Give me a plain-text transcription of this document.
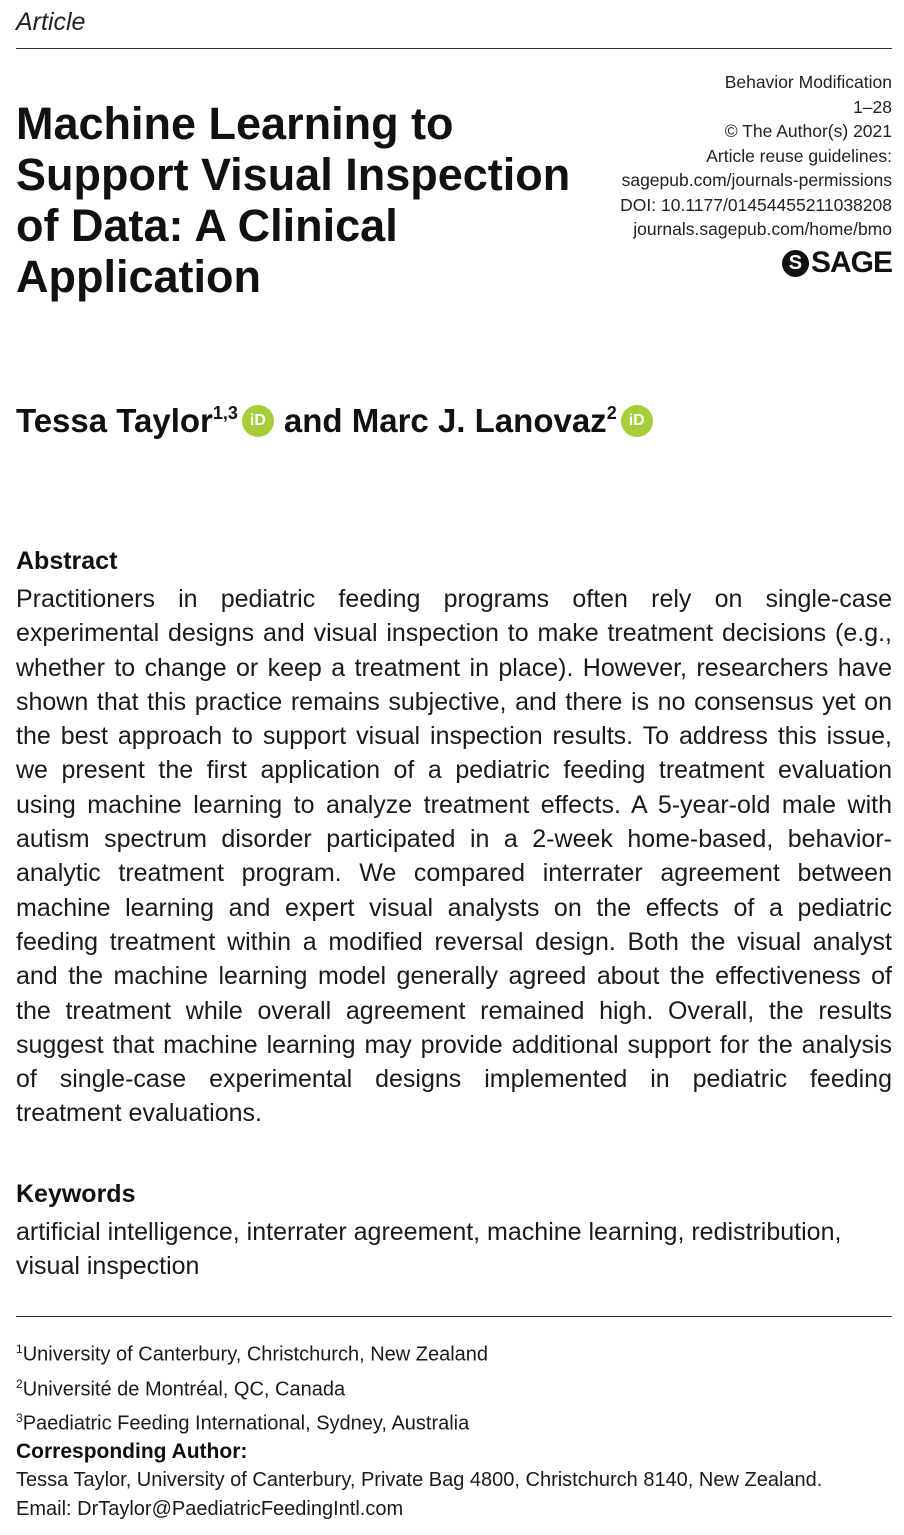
Article
Behavior Modification
1–28
© The Author(s) 2021
Article reuse guidelines:
sagepub.com/journals-permissions
DOI: 10.1177/01454455211038208
journals.sagepub.com/home/bmo
S SAGE
Machine Learning to Support Visual Inspection of Data: A Clinical Application
Tessa Taylor$^{1,3}$ iD and
Marc J. Lanovaz$^2$ iD
Abstract

Practitioners in pediatric feeding programs often rely on single-case experimental designs and visual inspection to make treatment decisions (e.g., whether to change or keep a treatment in place). However, researchers have shown that this practice remains subjective, and there is no consensus yet on the best approach to support visual inspection results. To address this issue, we present the first application of a pediatric feeding treatment evaluation using machine learning to analyze treatment effects. A 5-year-old male with autism spectrum disorder participated in a 2-week home-based, behavior-analytic treatment program. We compared interrater agreement between machine learning and expert visual analysts on the effects of a pediatric feeding treatment within a modified reversal design. Both the visual analyst and the machine learning model generally agreed about the effectiveness of the treatment while overall agreement remained high. Overall, the results suggest that machine learning may provide additional support for the analysis of single-case experimental designs implemented in pediatric feeding treatment evaluations.

Keywords

artificial intelligence, interrater agreement, machine learning, redistribution, visual inspection

$^1$University of Canterbury, Christchurch, New Zealand
$^2$Université de Montréal, QC, Canada
$^3$Paediatric Feeding International, Sydney, Australia
Corresponding Author:
Tessa Taylor, University of Canterbury, Private Bag 4800, Christchurch 8140, New Zealand.
Email: DrTaylor@PaediatricFeedingIntl.com
